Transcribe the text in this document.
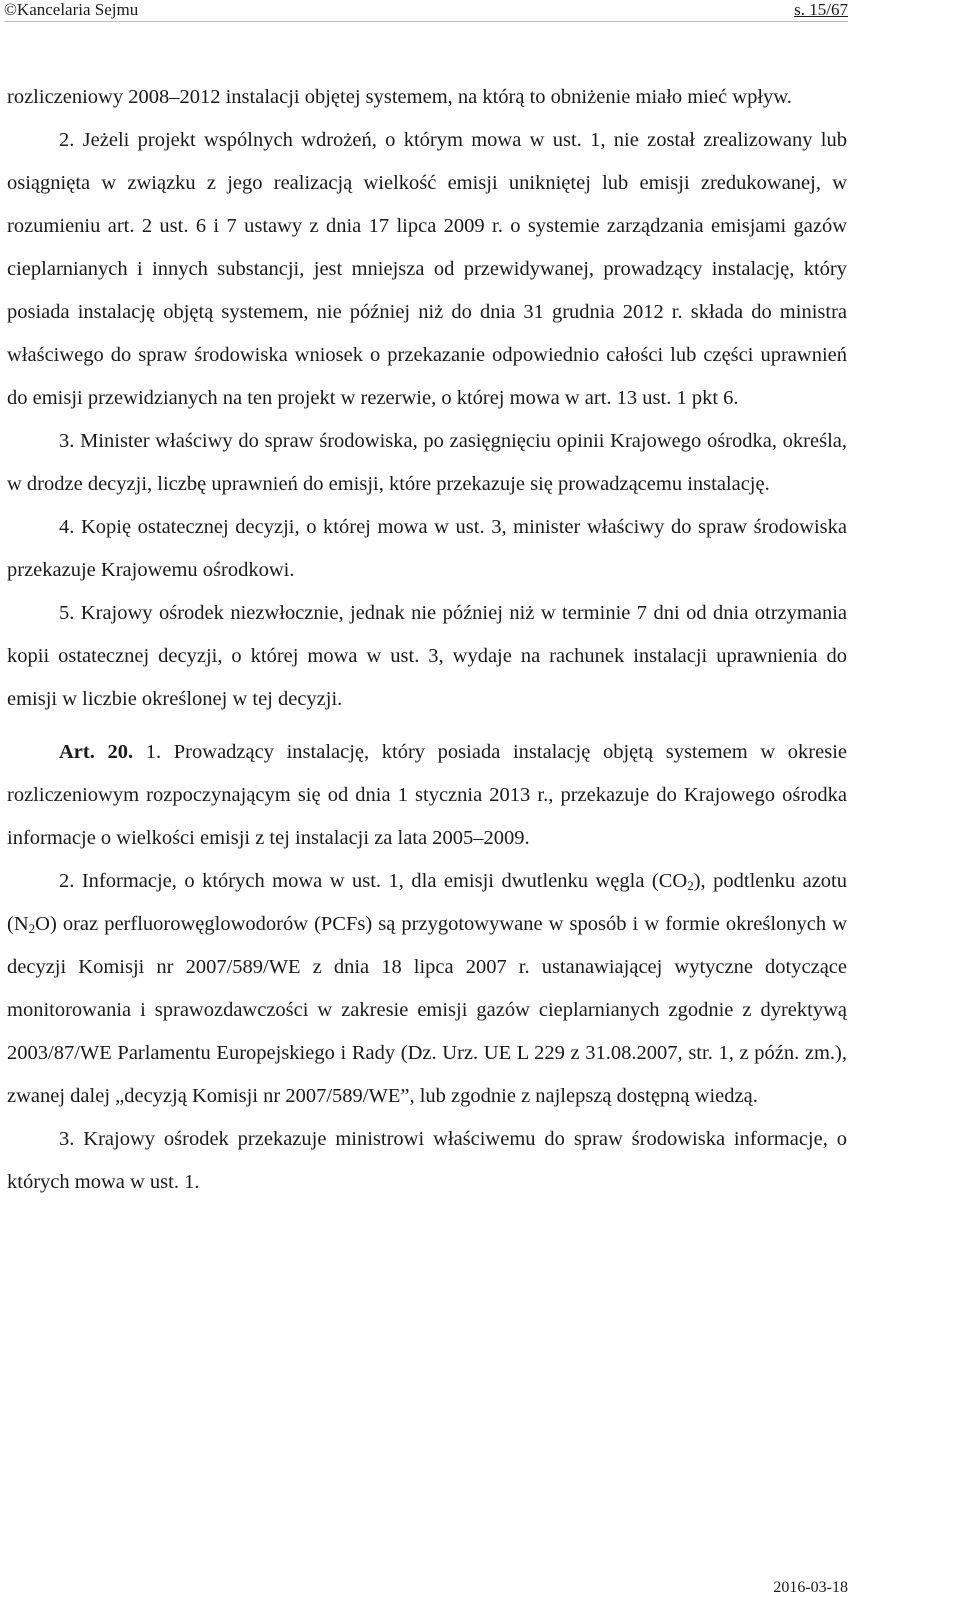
©Kancelaria Sejmu	s. 15/67

rozliczeniowy 2008–2012 instalacji objętej systemem, na którą to obniżenie miało mieć wpływ.

2. Jeżeli projekt wspólnych wdrożeń, o którym mowa w ust. 1, nie został zrealizowany lub osiągnięta w związku z jego realizacją wielkość emisji unikniętej lub emisji zredukowanej, w rozumieniu art. 2 ust. 6 i 7 ustawy z dnia 17 lipca 2009 r. o systemie zarządzania emisjami gazów cieplarnianych i innych substancji, jest mniejsza od przewidywanej, prowadzący instalację, który posiada instalację objętą systemem, nie później niż do dnia 31 grudnia 2012 r. składa do ministra właściwego do spraw środowiska wniosek o przekazanie odpowiednio całości lub części uprawnień do emisji przewidzianych na ten projekt w rezerwie, o której mowa w art. 13 ust. 1 pkt 6.

3. Minister właściwy do spraw środowiska, po zasięgnięciu opinii Krajowego ośrodka, określa, w drodze decyzji, liczbę uprawnień do emisji, które przekazuje się prowadzącemu instalację.

4. Kopię ostatecznej decyzji, o której mowa w ust. 3, minister właściwy do spraw środowiska przekazuje Krajowemu ośrodkowi.

5. Krajowy ośrodek niezwłocznie, jednak nie później niż w terminie 7 dni od dnia otrzymania kopii ostatecznej decyzji, o której mowa w ust. 3, wydaje na rachunek instalacji uprawnienia do emisji w liczbie określonej w tej decyzji.

Art. 20. 1. Prowadzący instalację, który posiada instalację objętą systemem w okresie rozliczeniowym rozpoczynającym się od dnia 1 stycznia 2013 r., przekazuje do Krajowego ośrodka informacje o wielkości emisji z tej instalacji za lata 2005–2009.

2. Informacje, o których mowa w ust. 1, dla emisji dwutlenku węgla $(CO_2)$, podtlenku azotu $(N_2O)$ oraz perfluorowęglowodorów (PCFs) są przygotowywane w sposób i w formie określonych w decyzji Komisji nr 2007/589/WE z dnia 18 lipca 2007 r. ustanawiającej wytyczne dotyczące monitorowania i sprawozdawczości w zakresie emisji gazów cieplarnianych zgodnie z dyrektywą 2003/87/WE Parlamentu Europejskiego i Rady (Dz. Urz. UE L 229 z 31.08.2007, str. 1, z późn. zm.), zwanej dalej „decyzją Komisji nr 2007/589/WE”, lub zgodnie z najlepszą dostępną wiedzą.

3. Krajowy ośrodek przekazuje ministrowi właściwemu do spraw środowiska informacje, o których mowa w ust. 1.

2016-03-18
